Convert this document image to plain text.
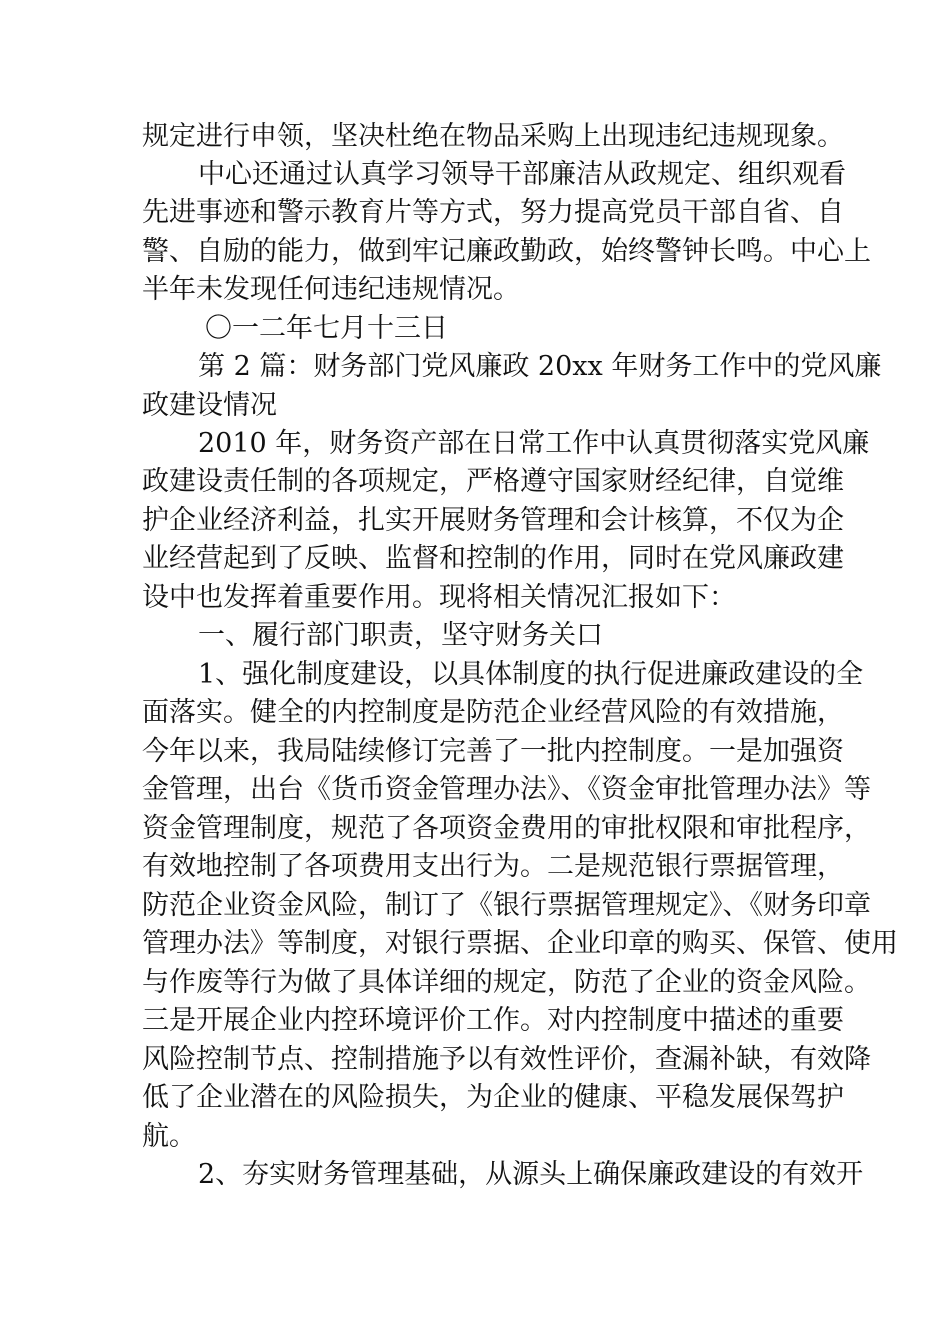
规定进行申领，坚决杜绝在物品采购上出现违纪违规现象。
中心还通过认真学习领导干部廉洁从政规定、组织观看
先进事迹和警示教育片等方式，努力提高党员干部自省、自
警、自励的能力，做到牢记廉政勤政，始终警钟长鸣。中心上
半年未发现任何违纪违规情况。
〇一二年七月十三日
第 2 篇：财务部门党风廉政 20xx 年财务工作中的党风廉
政建设情况
2010 年，财务资产部在日常工作中认真贯彻落实党风廉
政建设责任制的各项规定，严格遵守国家财经纪律，自觉维
护企业经济利益，扎实开展财务管理和会计核算，不仅为企
业经营起到了反映、监督和控制的作用，同时在党风廉政建
设中也发挥着重要作用。现将相关情况汇报如下：
一、履行部门职责，坚守财务关口
1、强化制度建设，以具体制度的执行促进廉政建设的全
面落实。健全的内控制度是防范企业经营风险的有效措施，
今年以来，我局陆续修订完善了一批内控制度。一是加强资
金管理，出台《货币资金管理办法》、《资金审批管理办法》等
资金管理制度，规范了各项资金费用的审批权限和审批程序，
有效地控制了各项费用支出行为。二是规范银行票据管理，
防范企业资金风险，制订了《银行票据管理规定》、《财务印章
管理办法》等制度，对银行票据、企业印章的购买、保管、使用
与作废等行为做了具体详细的规定，防范了企业的资金风险。
三是开展企业内控环境评价工作。对内控制度中描述的重要
风险控制节点、控制措施予以有效性评价，查漏补缺，有效降
低了企业潜在的风险损失，为企业的健康、平稳发展保驾护
航。
2、夯实财务管理基础，从源头上确保廉政建设的有效开
